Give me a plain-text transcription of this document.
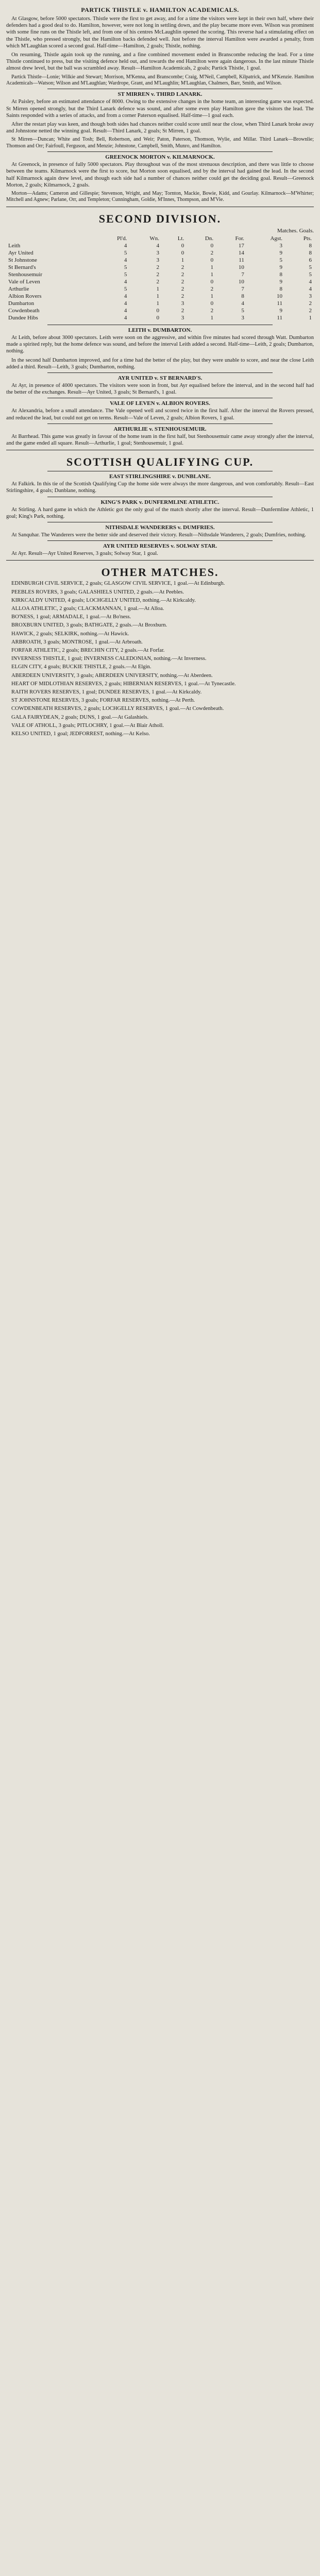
PARTICK THISTLE v. HAMILTON ACADEMICALS.

At Glasgow, before 5000 spectators. Thistle were the first to get away, and for a time the visitors were kept in their own half, where their defenders had a good deal to do. Hamilton, however, were not long in settling down, and the play became more even. Wilson was prominent with some fine runs on the Thistle left, and from one of his centres McLaughlin opened the scoring. This reverse had a stimulating effect on the Thistle, who pressed strongly, but the Hamilton backs defended well. Just before the interval Hamilton were awarded a penalty, from which M'Laughlan scored a second goal. Half-time—Hamilton, 2 goals; Thistle, nothing.

On resuming, Thistle again took up the running, and a fine combined movement ended in Branscombe reducing the lead. For a time Thistle continued to press, but the visiting defence held out, and towards the end Hamilton were again dangerous. In the last minute Thistle almost drew level, but the ball was scrambled away. Result—Hamilton Academicals, 2 goals; Partick Thistle, 1 goal.

Partick Thistle—Lonie; Wilkie and Stewart; Morrison, M'Kenna, and Branscombe; Craig, M'Neil, Campbell, Kilpatrick, and M'Kenzie. Hamilton Academicals—Watson; Wilson and M'Laughlan; Wardrope, Grant, and M'Laughlin; M'Laughlan, Chalmers, Barr, Smith, and Wilson.

ST MIRREN v. THIRD LANARK.

At Paisley, before an estimated attendance of 8000. Owing to the extensive changes in the home team, an interesting game was expected. St Mirren opened strongly, but the Third Lanark defence was sound, and after some even play Hamilton gave the visitors the lead. The Saints responded with a series of attacks, and from a corner Paterson equalised. Half-time—1 goal each.

After the restart play was keen, and though both sides had chances neither could score until near the close, when Third Lanark broke away and Johnstone netted the winning goal. Result—Third Lanark, 2 goals; St Mirren, 1 goal.

St Mirren—Duncan; White and Tosh; Bell, Robertson, and Weir; Paton, Paterson, Thomson, Wylie, and Millar. Third Lanark—Brownlie; Thomson and Orr; Fairfoull, Ferguson, and Menzie; Johnstone, Campbell, Smith, Munro, and Hamilton.

GREENOCK MORTON v. KILMARNOCK.

At Greenock, in presence of fully 5000 spectators. Play throughout was of the most strenuous description, and there was little to choose between the teams. Kilmarnock were the first to score, but Morton soon equalised, and by the interval had gained the lead. In the second half Kilmarnock again drew level, and though each side had a number of chances neither could get the deciding goal. Result—Greenock Morton, 2 goals; Kilmarnock, 2 goals.

Morton—Adams; Cameron and Gillespie; Stevenson, Wright, and May; Tornton, Mackie, Bowie, Kidd, and Gourlay. Kilmarnock—M'Whirter; Mitchell and Agnew; Parlane, Orr, and Templeton; Cunningham, Goldie, M'Innes, Thompson, and M'Vie.

SECOND DIVISION.
Matches. Goals.
	Pl'd.	Wn.	Lt.	Dn.	For.	Agst.	Pts.
Leith	4	4	0	0	17	3	8
Ayr United	5	3	0	2	14	9	8
St Johnstone	4	3	1	0	11	5	6
St Bernard's	5	2	2	1	10	9	5
Stenhousemuir	5	2	2	1	7	8	5
Vale of Leven	4	2	2	0	10	9	4
Arthurlie	5	1	2	2	7	8	4
Albion Rovers	4	1	2	1	8	10	3
Dumbarton	4	1	3	0	4	11	2
Cowdenbeath	4	0	2	2	5	9	2
Dundee Hibs	4	0	3	1	3	11	1
LEITH v. DUMBARTON.

At Leith, before about 3000 spectators. Leith were soon on the aggressive, and within five minutes had scored through Watt. Dumbarton made a spirited reply, but the home defence was sound, and before the interval Leith added a second. Half-time—Leith, 2 goals; Dumbarton, nothing.

In the second half Dumbarton improved, and for a time had the better of the play, but they were unable to score, and near the close Leith added a third. Result—Leith, 3 goals; Dumbarton, nothing.

AYR UNITED v. ST BERNARD'S.

At Ayr, in presence of 4000 spectators. The visitors were soon in front, but Ayr equalised before the interval, and in the second half had the better of the exchanges. Result—Ayr United, 3 goals; St Bernard's, 1 goal.

VALE OF LEVEN v. ALBION ROVERS.

At Alexandria, before a small attendance. The Vale opened well and scored twice in the first half. After the interval the Rovers pressed, and reduced the lead, but could not get on terms. Result—Vale of Leven, 2 goals; Albion Rovers, 1 goal.

ARTHURLIE v. STENHOUSEMUIR.

At Barrhead. This game was greatly in favour of the home team in the first half, but Stenhousemuir came away strongly after the interval, and the game ended all square. Result—Arthurlie, 1 goal; Stenhousemuir, 1 goal.

SCOTTISH QUALIFYING CUP.
EAST STIRLINGSHIRE v. DUNBLANE.

At Falkirk. In this tie of the Scottish Qualifying Cup the home side were always the more dangerous, and won comfortably. Result—East Stirlingshire, 4 goals; Dunblane, nothing.

KING'S PARK v. DUNFERMLINE ATHLETIC.

At Stirling. A hard game in which the Athletic got the only goal of the match shortly after the interval. Result—Dunfermline Athletic, 1 goal; King's Park, nothing.

NITHSDALE WANDERERS v. DUMFRIES.

At Sanquhar. The Wanderers were the better side and deserved their victory. Result—Nithsdale Wanderers, 2 goals; Dumfries, nothing.

AYR UNITED RESERVES v. SOLWAY STAR.

At Ayr. Result—Ayr United Reserves, 3 goals; Solway Star, 1 goal.

OTHER MATCHES.
EDINBURGH CIVIL SERVICE, 2 goals; GLASGOW CIVIL SERVICE, 1 goal.—At Edinburgh.
PEEBLES ROVERS, 3 goals; GALASHIELS UNITED, 2 goals.—At Peebles.
KIRKCALDY UNITED, 4 goals; LOCHGELLY UNITED, nothing.—At Kirkcaldy.
ALLOA ATHLETIC, 2 goals; CLACKMANNAN, 1 goal.—At Alloa.
BO'NESS, 1 goal; ARMADALE, 1 goal.—At Bo'ness.
BROXBURN UNITED, 3 goals; BATHGATE, 2 goals.—At Broxburn.
HAWICK, 2 goals; SELKIRK, nothing.—At Hawick.
ARBROATH, 3 goals; MONTROSE, 1 goal.—At Arbroath.
FORFAR ATHLETIC, 2 goals; BRECHIN CITY, 2 goals.—At Forfar.
INVERNESS THISTLE, 1 goal; INVERNESS CALEDONIAN, nothing.—At Inverness.
ELGIN CITY, 4 goals; BUCKIE THISTLE, 2 goals.—At Elgin.
ABERDEEN UNIVERSITY, 3 goals; ABERDEEN UNIVERSITY, nothing.—At Aberdeen.
HEART OF MIDLOTHIAN RESERVES, 2 goals; HIBERNIAN RESERVES, 1 goal.—At Tynecastle.
RAITH ROVERS RESERVES, 1 goal; DUNDEE RESERVES, 1 goal.—At Kirkcaldy.
ST JOHNSTONE RESERVES, 3 goals; FORFAR RESERVES, nothing.—At Perth.
COWDENBEATH RESERVES, 2 goals; LOCHGELLY RESERVES, 1 goal.—At Cowdenbeath.
GALA FAIRYDEAN, 2 goals; DUNS, 1 goal.—At Galashiels.
VALE OF ATHOLL, 3 goals; PITLOCHRY, 1 goal.—At Blair Atholl.
KELSO UNITED, 1 goal; JEDFORREST, nothing.—At Kelso.
